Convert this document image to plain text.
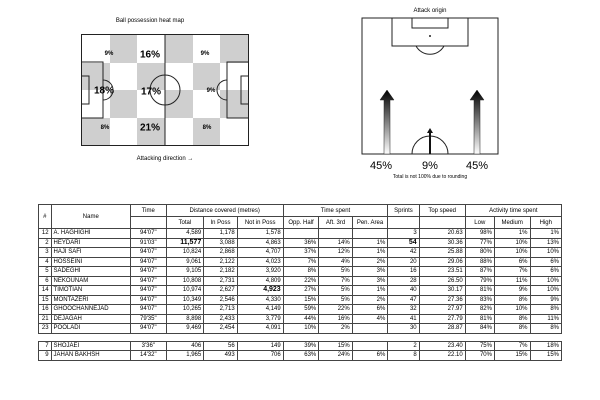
Ball possession heat map
9%	16%	9%
18%	17%	9%
8%	21%	8%
Attacking direction →
Attack origin
45%	9%	45%
Total is not 100% due to rounding
#	Name	Time	Distance covered (metres)			Time spent			Sprints	Top speed	Activity time spent		
			Total	In Poss	Not in Poss	Opp. Half	Aft. 3rd	Pen. Area			Low	Medium	High
12	A. HAGHIGHI	94'07"	4,589	1,178	1,578				3	20.63	98%	1%	1%
2	HEYDARI	91'03"	11,577	3,088	4,863	36%	14%	1%	54	30.36	77%	10%	13%
3	HAJI SAFI	94'07"	10,824	2,868	4,707	37%	12%	1%	42	25.88	80%	10%	10%
4	HOSSEINI	94'07"	9,061	2,122	4,023	7%	4%	2%	20	29.06	88%	6%	6%
5	SADEGHI	94'07"	9,105	2,182	3,920	8%	5%	3%	16	23.51	87%	7%	6%
6	NEKOUNAM	94'07"	10,808	2,731	4,809	22%	7%	3%	28	26.50	79%	11%	10%
14	TIMOTIAN	94'07"	10,974	2,627	4,923	27%	5%	1%	40	30.17	81%	9%	10%
15	MONTAZERI	94'07"	10,349	2,546	4,330	15%	5%	2%	47	27.36	83%	8%	9%
16	GHOOCHANNEJAD	94'07"	10,265	2,713	4,149	59%	22%	6%	32	27.97	82%	10%	8%
21	DEJAGAH	79'35"	8,898	2,433	3,779	44%	16%	4%	41	27.79	81%	8%	11%
23	POOLADI	94'07"	9,469	2,454	4,091	10%	2%		30	28.87	84%	8%	8%

7	SHOJAEI	3'36"	406	56	149	39%	15%		2	23.40	75%	7%	18%
9	JAHAN BAKHSH	14'32"	1,965	493	706	63%	24%	6%	8	22.10	70%	15%	15%
